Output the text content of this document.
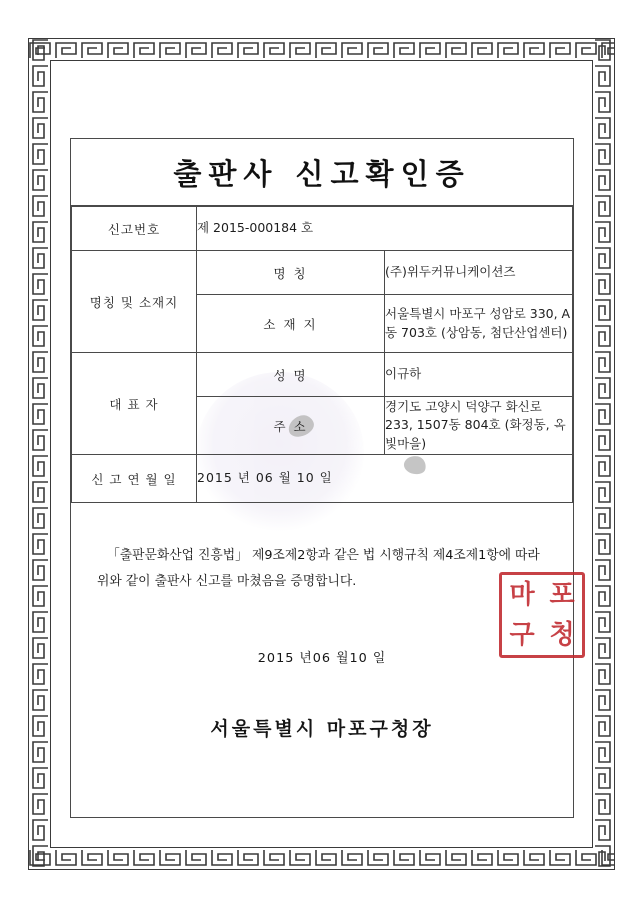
출판사 신고확인증
신고번호	제 2015-000184 호	
명칭 및 소재지	명 칭	(주)위두커뮤니케이션즈
	소 재 지	서울특별시 마포구 성암로 330, A동 703호 (상암동, 첨단산업센터)
대 표 자	성 명	이규하
	주 소	경기도 고양시 덕양구 화신로 233, 1507동 804호 (화정동, 옥빛마을)
신 고 연 월 일	2015 년 06 월 10 일	
「출판문화산업 진흥법」 제9조제2항과 같은 법 시행규칙 제4조제1항에 따라
위와 같이 출판사 신고를 마쳤음을 증명합니다.
2015 년06 월10 일
서울특별시 마포구청장
마 포
구 청
